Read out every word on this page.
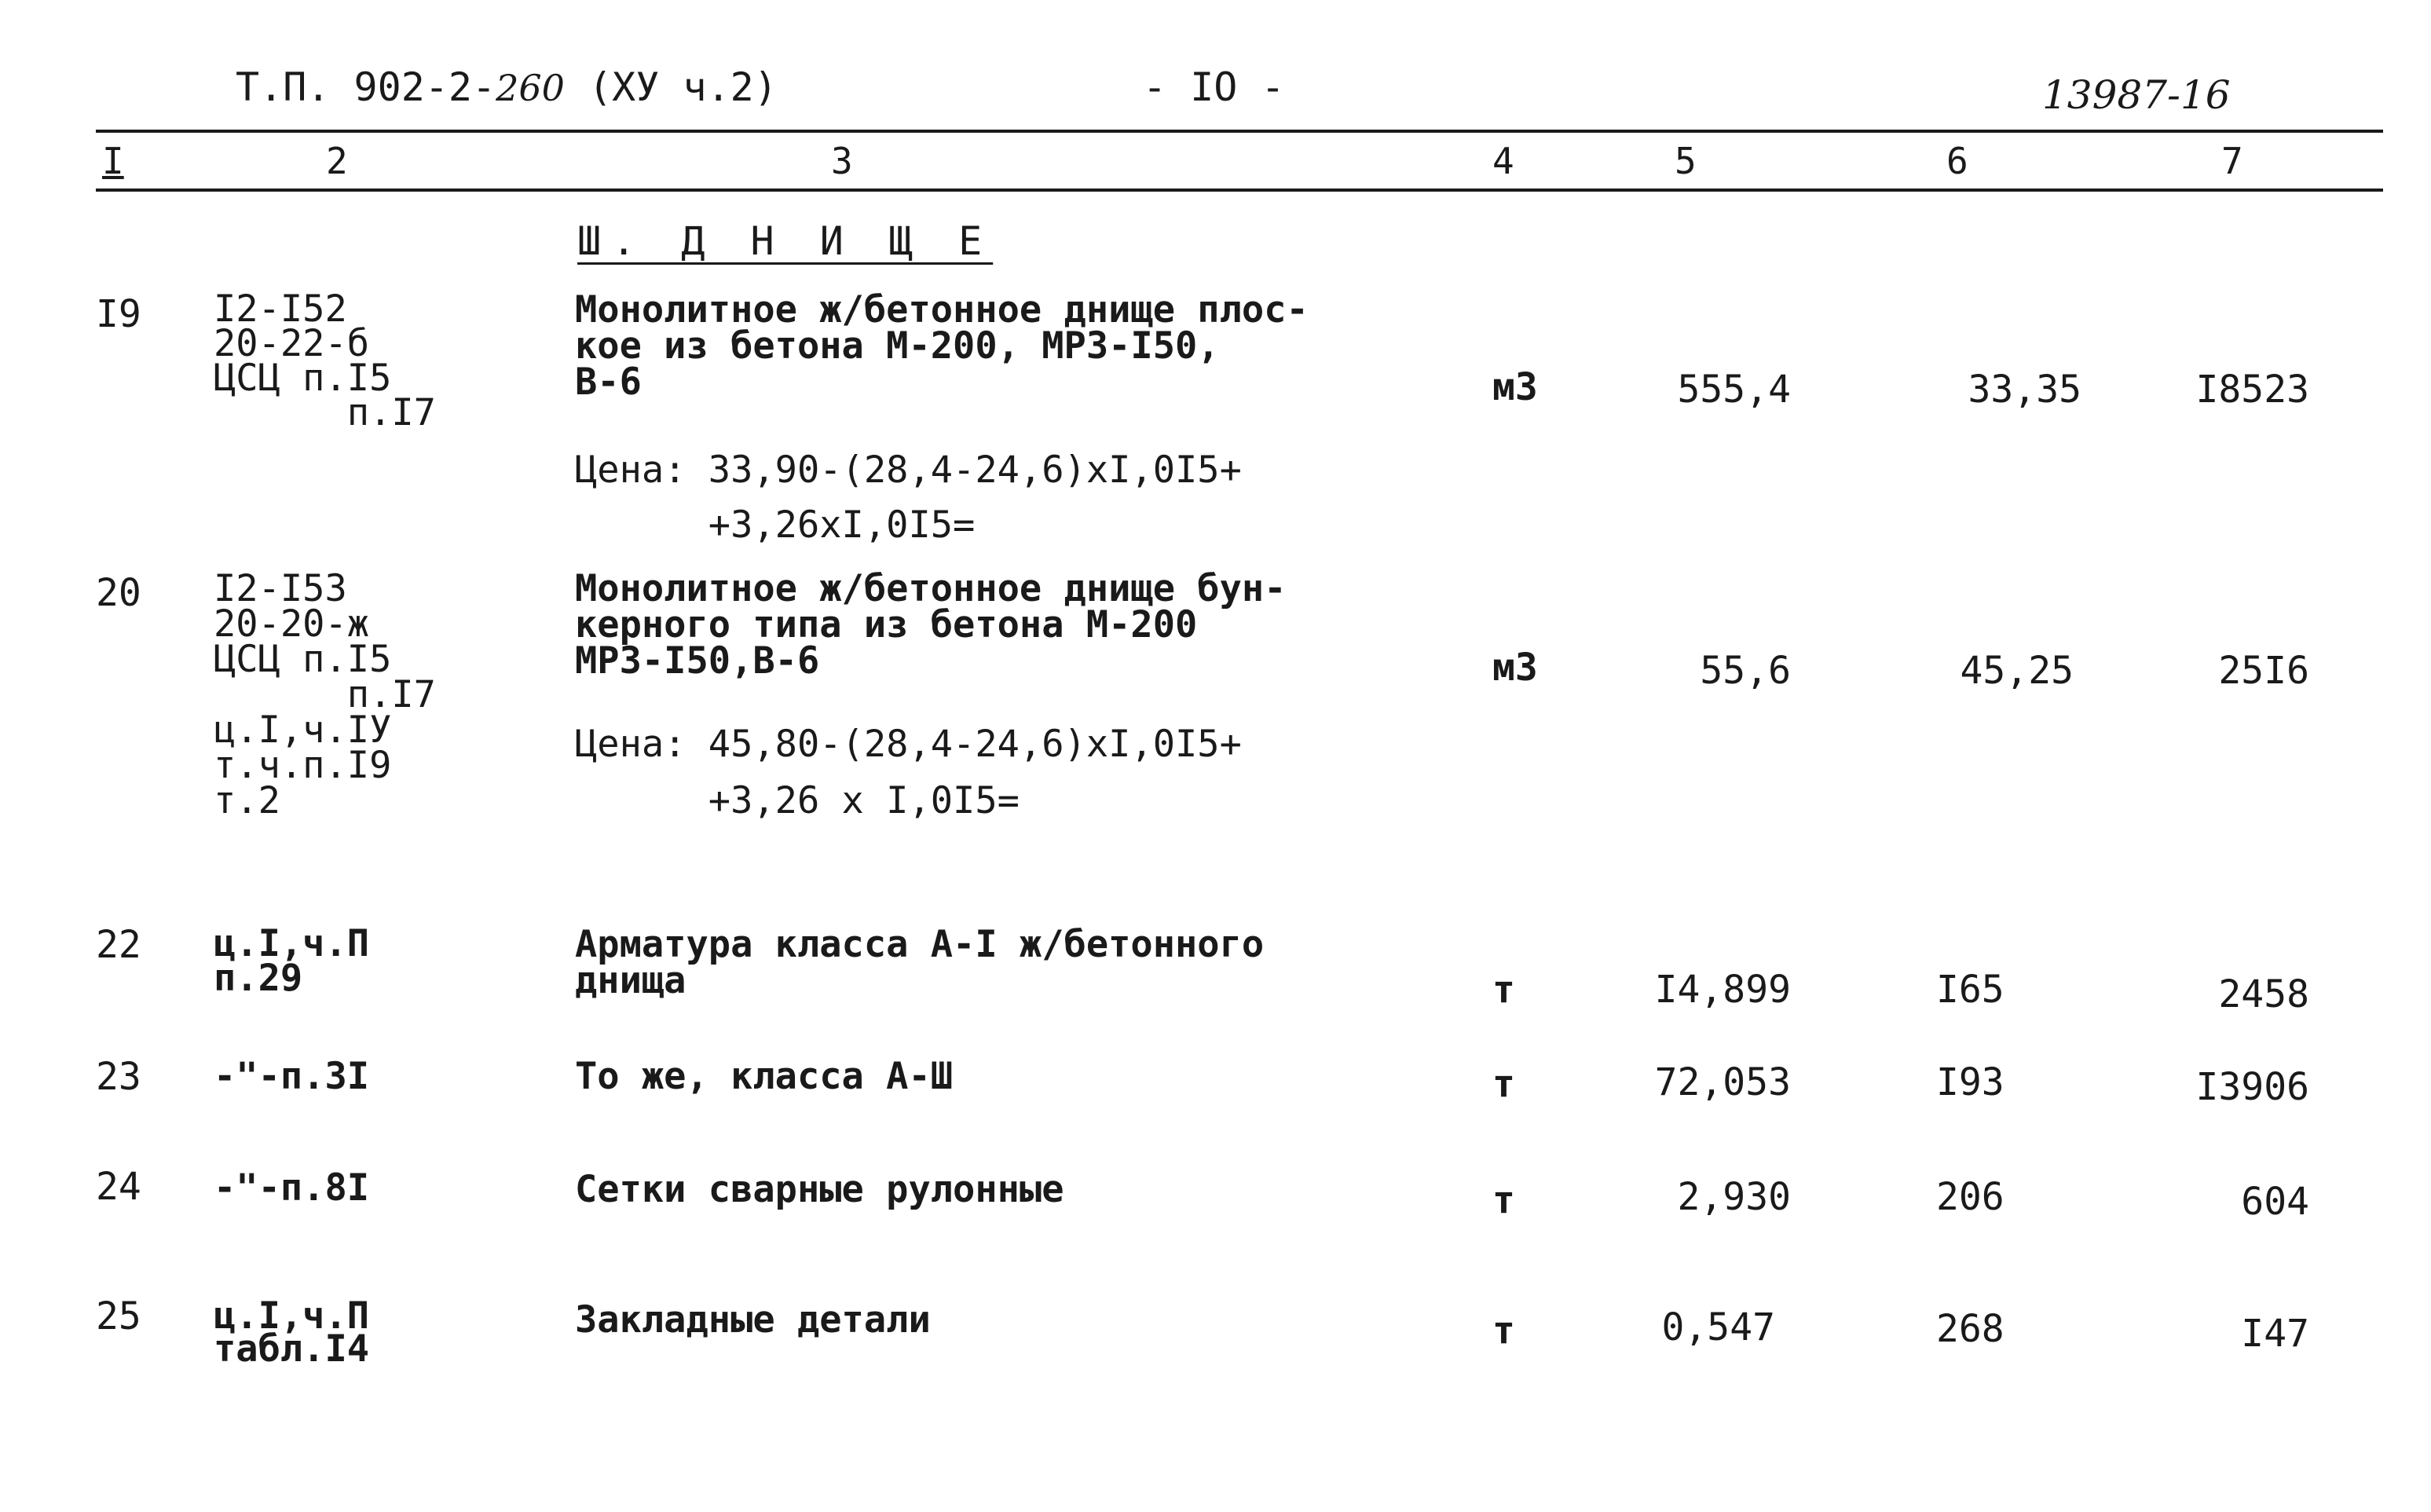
Т.П. 902-2-260 (ХУ ч.2)	- IO -	13987-16
I	2	3	4	5	6	7
Ш. Д Н И Щ Е
I9 I2-I52
20-22-б
ЦСЦ п.I5
п.I7
Монолитное ж/бетонное днище плос-
кое из бетона М-200, МРЗ-I50,
В-6
Цена: 33,90-(28,4-24,6)хI,0I5+
+3,26хI,0I5=
м3	555,4	33,35	I8523
20 I2-I53
20-20-ж
ЦСЦ п.I5
п.I7
ц.I,ч.IУ
т.ч.п.I9
т.2
Монолитное ж/бетонное днище бун-
керного типа из бетона М-200
МРЗ-I50,В-6
Цена: 45,80-(28,4-24,6)хI,0I5+
+3,26 х I,0I5=
м3	55,6	45,25	25I6
22 ц.I,ч.П
п.29
Арматура класса А-I ж/бетонного
днища	т	I4,899	I65	2458
23 -"-п.3I	То же, класса А-Ш	т	72,053	I93	I3906
24 -"-п.8I	Сетки сварные рулонные	т	2,930	206	604
25 ц.I,ч.П
табл.I4
Закладные детали	т	0,547	268	I47
